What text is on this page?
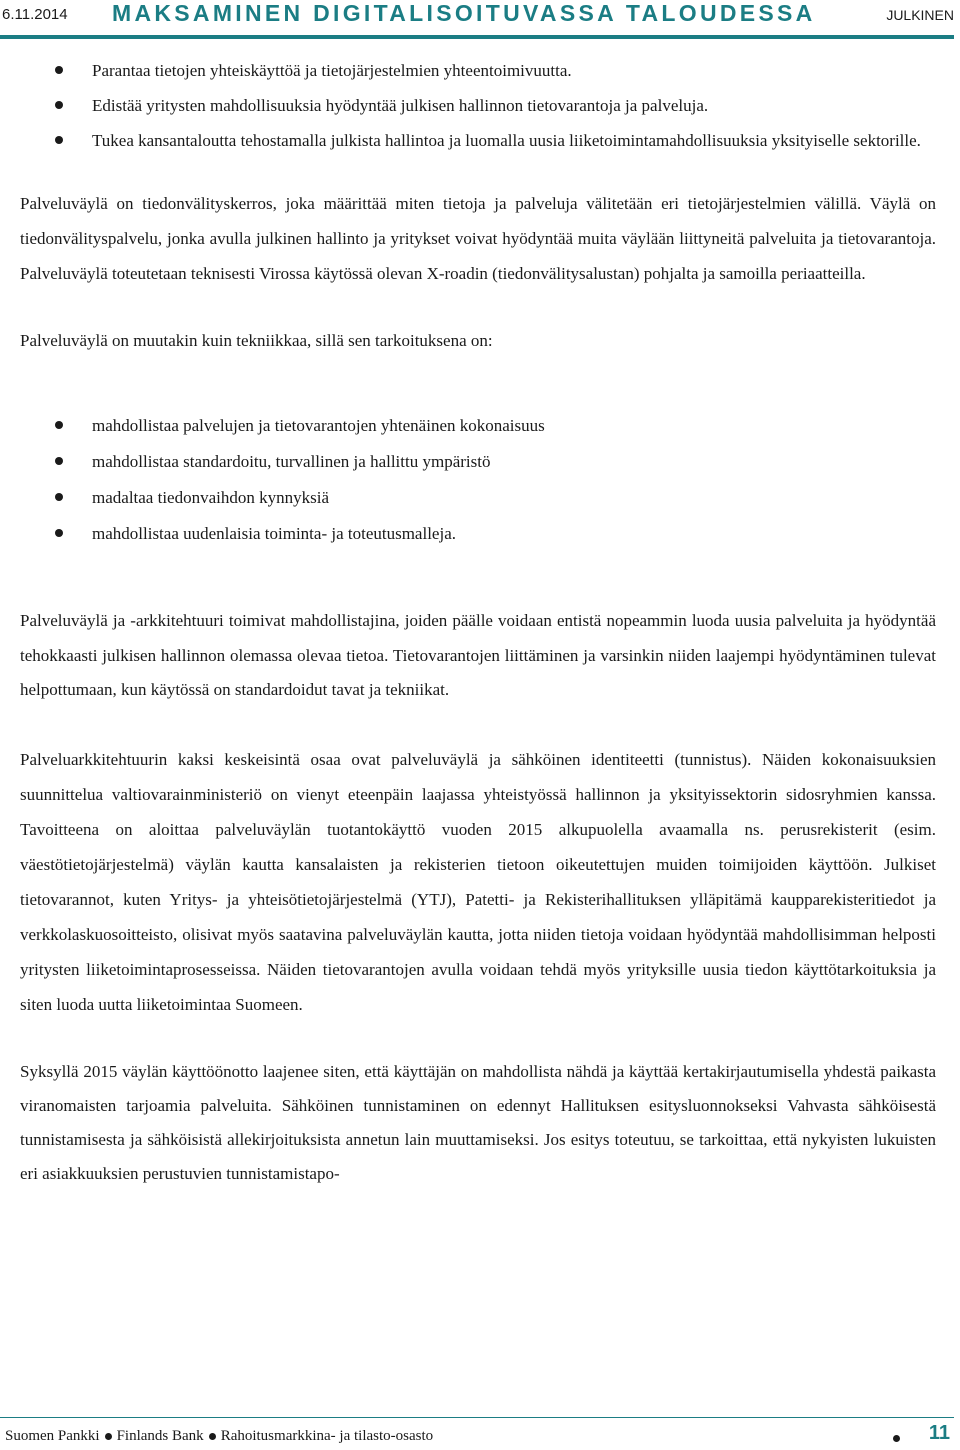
6.11.2014 MAKSAMINEN DIGITALISOITUVASSA TALOUDESSA	JULKINEN
Parantaa tietojen yhteiskäyttöä ja tietojärjestelmien yhteentoimivuutta.
Edistää yritysten mahdollisuuksia hyödyntää julkisen hallinnon tietovarantoja ja palveluja.
Tukea kansantaloutta tehostamalla julkista hallintoa ja luomalla uusia liiketoimintamahdollisuuksia yksityiselle sektorille.

Palveluväylä on tiedonvälityskerros, joka määrittää miten tietoja ja palveluja välitetään eri tietojärjestelmien välillä. Väylä on tiedonvälityspalvelu, jonka avulla julkinen hallinto ja yritykset voivat hyödyntää muita väylään liittyneitä palveluita ja tietovarantoja. Palveluväylä toteutetaan teknisesti Virossa käytössä olevan X-roadin (tiedonvälitysalustan) pohjalta ja samoilla periaatteilla.

Palveluväylä on muutakin kuin tekniikkaa, sillä sen tarkoituksena on:

mahdollistaa palvelujen ja tietovarantojen yhtenäinen kokonaisuus
mahdollistaa standardoitu, turvallinen ja hallittu ympäristö
madaltaa tiedonvaihdon kynnyksiä
mahdollistaa uudenlaisia toiminta- ja toteutusmalleja.

Palveluväylä ja -arkkitehtuuri toimivat mahdollistajina, joiden päälle voidaan entistä nopeammin luoda uusia palveluita ja hyödyntää tehokkaasti julkisen hallinnon olemassa olevaa tietoa. Tietovarantojen liittäminen ja varsinkin niiden laajempi hyödyntäminen tulevat helpottumaan, kun käytössä on standardoidut tavat ja tekniikat.

Palveluarkkitehtuurin kaksi keskeisintä osaa ovat palveluväylä ja sähköinen identiteetti (tunnistus). Näiden kokonaisuuksien suunnittelua valtiovarainministeriö on vienyt eteenpäin laajassa yhteistyössä hallinnon ja yksityissektorin sidosryhmien kanssa. Tavoitteena on aloittaa palveluväylän tuotantokäyttö vuoden 2015 alkupuolella avaamalla ns. perusrekisterit (esim. väestötietojärjestelmä) väylän kautta kansalaisten ja rekisterien tietoon oikeutettujen muiden toimijoiden käyttöön. Julkiset tietovarannot, kuten Yritys- ja yhteisötietojärjestelmä (YTJ), Patetti- ja Rekisterihallituksen ylläpitämä kaupparekisteritiedot ja verkkolaskuosoitteisto, olisivat myös saatavina palveluväylän kautta, jotta niiden tietoja voidaan hyödyntää mahdollisimman helposti yritysten liiketoimintaprosesseissa. Näiden tietovarantojen avulla voidaan tehdä myös yrityksille uusia tiedon käyttötarkoituksia ja siten luoda uutta liiketoimintaa Suomeen.

Syksyllä 2015 väylän käyttöönotto laajenee siten, että käyttäjän on mahdollista nähdä ja käyttää kertakirjautumisella yhdestä paikasta viranomaisten tarjoamia palveluita. Sähköinen tunnistaminen on edennyt Hallituksen esitysluonnokseksi Vahvasta sähköisestä tunnistamisesta ja sähköisistä allekirjoituksista annetun lain muuttamiseksi. Jos esitys toteutuu, se tarkoittaa, että nykyisten lukuisten eri asiakkuuksien perustuvien tunnistamistapo-

Suomen Pankki Finlands Bank Rahoitusmarkkina- ja tilasto-osasto	11
